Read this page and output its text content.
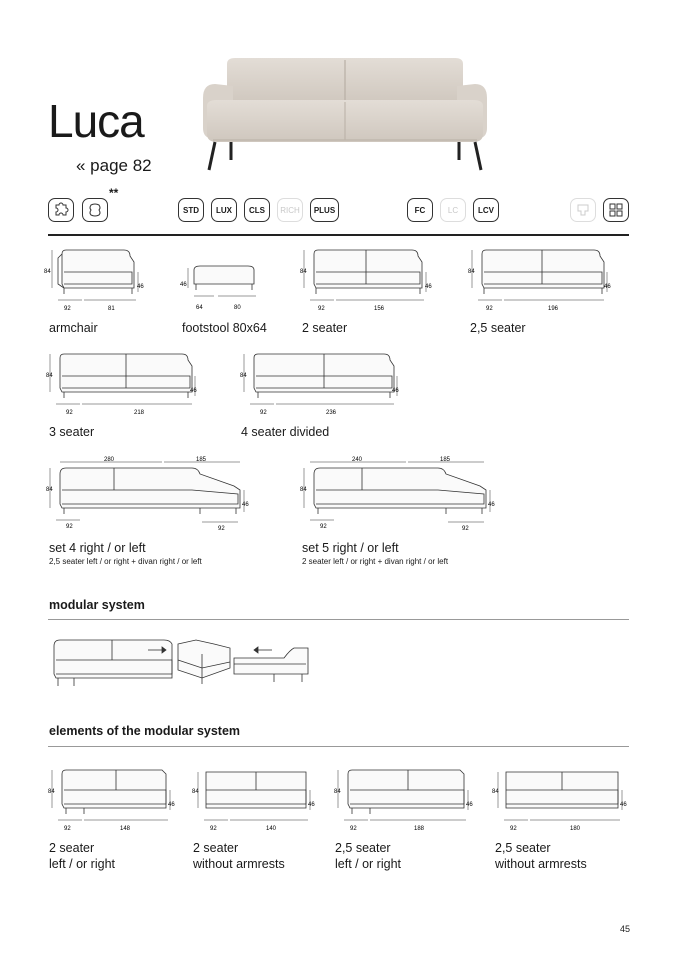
Luca
« page 82
**
STD	LUX	CLS	RICH	PLUS	FC	LC	LCV
84
46
92	81
armchair
46
64	80
footstool 80x64
84
46
92	156
2 seater
84
46
92	196
2,5 seater
84
46
92	218
3 seater
84
46
92	236
4 seater divided
280	185
84
46
92	92
set 4 right / or left
2,5 seater left / or right + divan right / or left
240	185
84
46
92	92
set 5 right / or left
2 seater left / or right + divan right / or left
modular system
elements of the modular system
84
46
92	148
2 seater
left / or right
84
46
92	140
2 seater
without armrests
84
46
92	188
2,5 seater
left / or right
84
46
92	180
2,5 seater
without armrests
45
